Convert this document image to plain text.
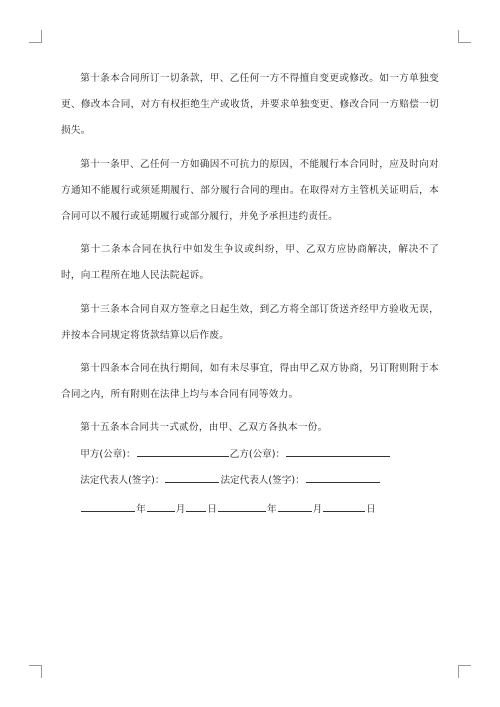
第十条本合同所订一切条款，甲、乙任何一方不得擅自变更或修改。如一方单独变更、修改本合同，对方有权拒绝生产或收货，并要求单独变更、修改合同一方赔偿一切损失。

第十一条甲、乙任何一方如确因不可抗力的原因，不能履行本合同时，应及时向对方通知不能履行或须延期履行、部分履行合同的理由。在取得对方主管机关证明后，本合同可以不履行或延期履行或部分履行，并免予承担违约责任。

第十二条本合同在执行中如发生争议或纠纷，甲、乙双方应协商解决，解决不了时，向工程所在地人民法院起诉。

第十三条本合同自双方签章之日起生效，到乙方将全部订货送齐经甲方验收无误，并按本合同规定将货款结算以后作废。

第十四条本合同在执行期间，如有未尽事宜，得由甲乙双方协商，另订附则附于本合同之内，所有附则在法律上均与本合同有同等效力。

第十五条本合同共一式贰份，由甲、乙双方各执本一份。

甲方(公章)：	乙方(公章)：
法定代表人(签字)：	法定代表人(签字)：
年	月 日	年	月	日
